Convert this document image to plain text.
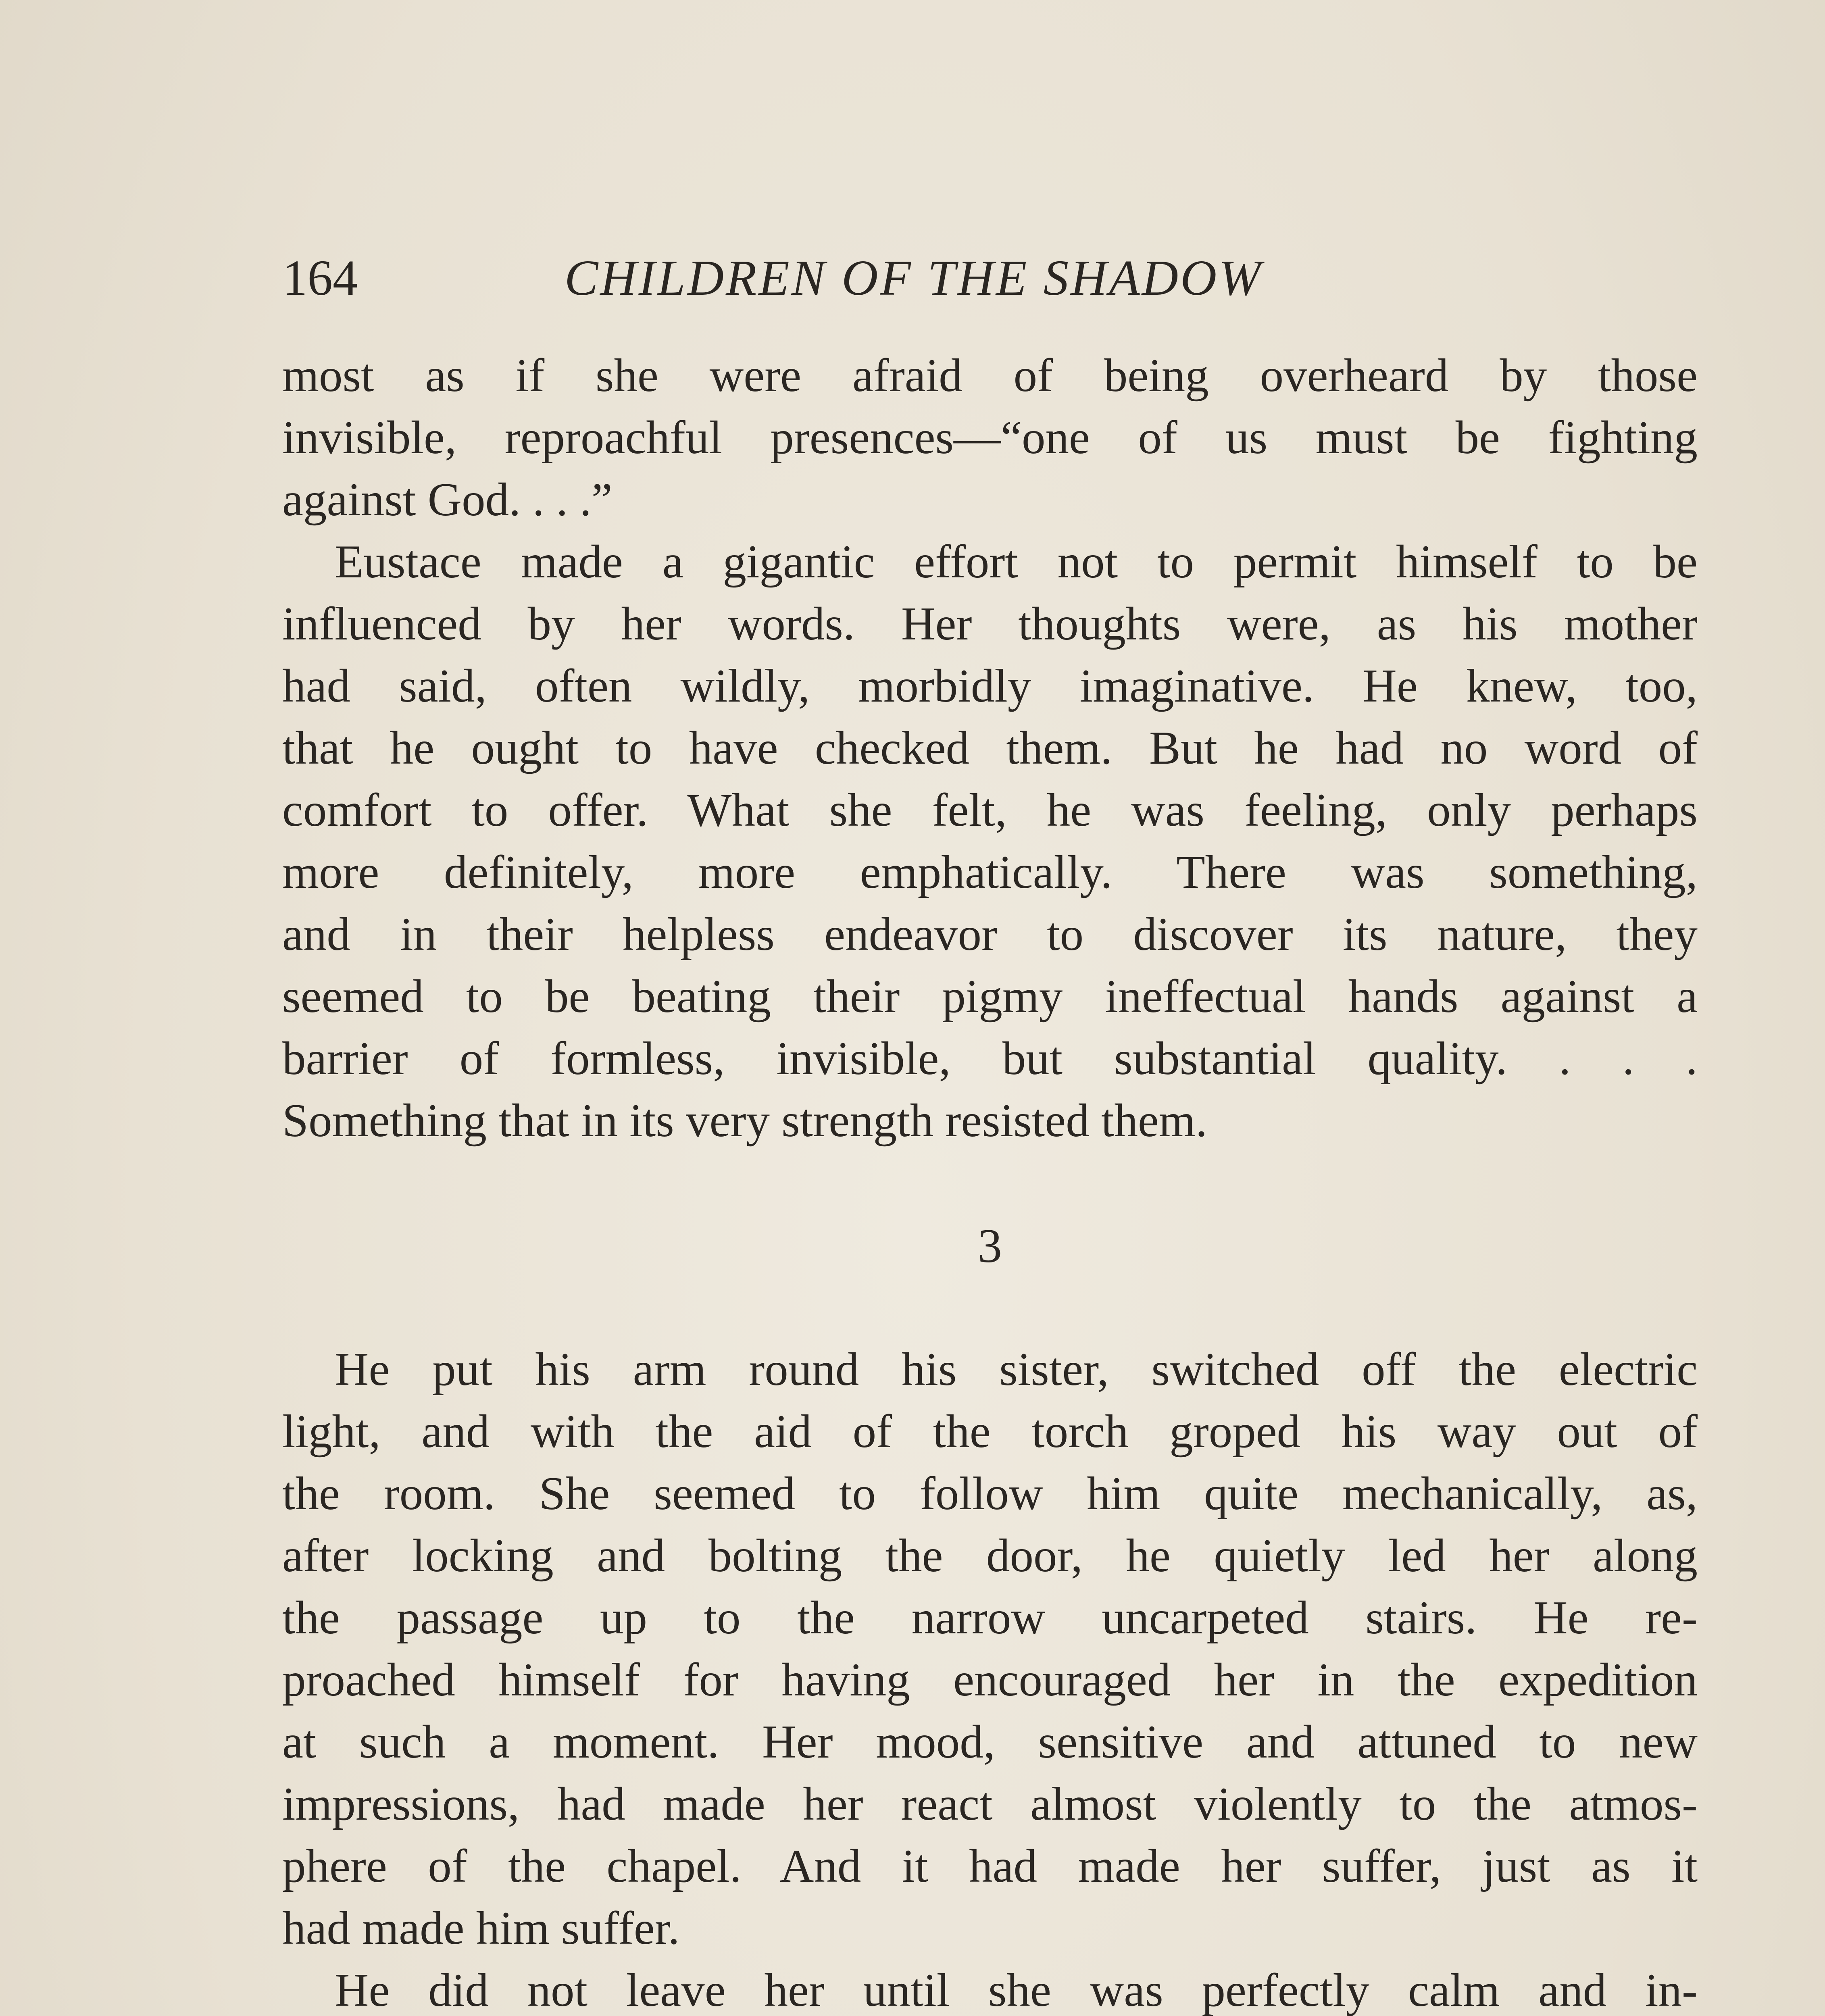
164	CHILDREN OF THE SHADOW
most as if she were afraid of being overheard by those
invisible, reproachful presences—“one of us must be fighting
against God. . . .”
Eustace made a gigantic effort not to permit himself to be
influenced by her words. Her thoughts were, as his mother
had said, often wildly, morbidly imaginative. He knew, too,
that he ought to have checked them. But he had no word of
comfort to offer. What she felt, he was feeling, only perhaps
more definitely, more emphatically. There was something,
and in their helpless endeavor to discover its nature, they
seemed to be beating their pigmy ineffectual hands against a
barrier of formless, invisible, but substantial quality. . . .
Something that in its very strength resisted them.
3
He put his arm round his sister, switched off the electric
light, and with the aid of the torch groped his way out of
the room. She seemed to follow him quite mechanically, as,
after locking and bolting the door, he quietly led her along
the passage up to the narrow uncarpeted stairs. He re-
proached himself for having encouraged her in the expedition
at such a moment. Her mood, sensitive and attuned to new
impressions, had made her react almost violently to the atmos-
phere of the chapel. And it had made her suffer, just as it
had made him suffer.
He did not leave her until she was perfectly calm and in-
